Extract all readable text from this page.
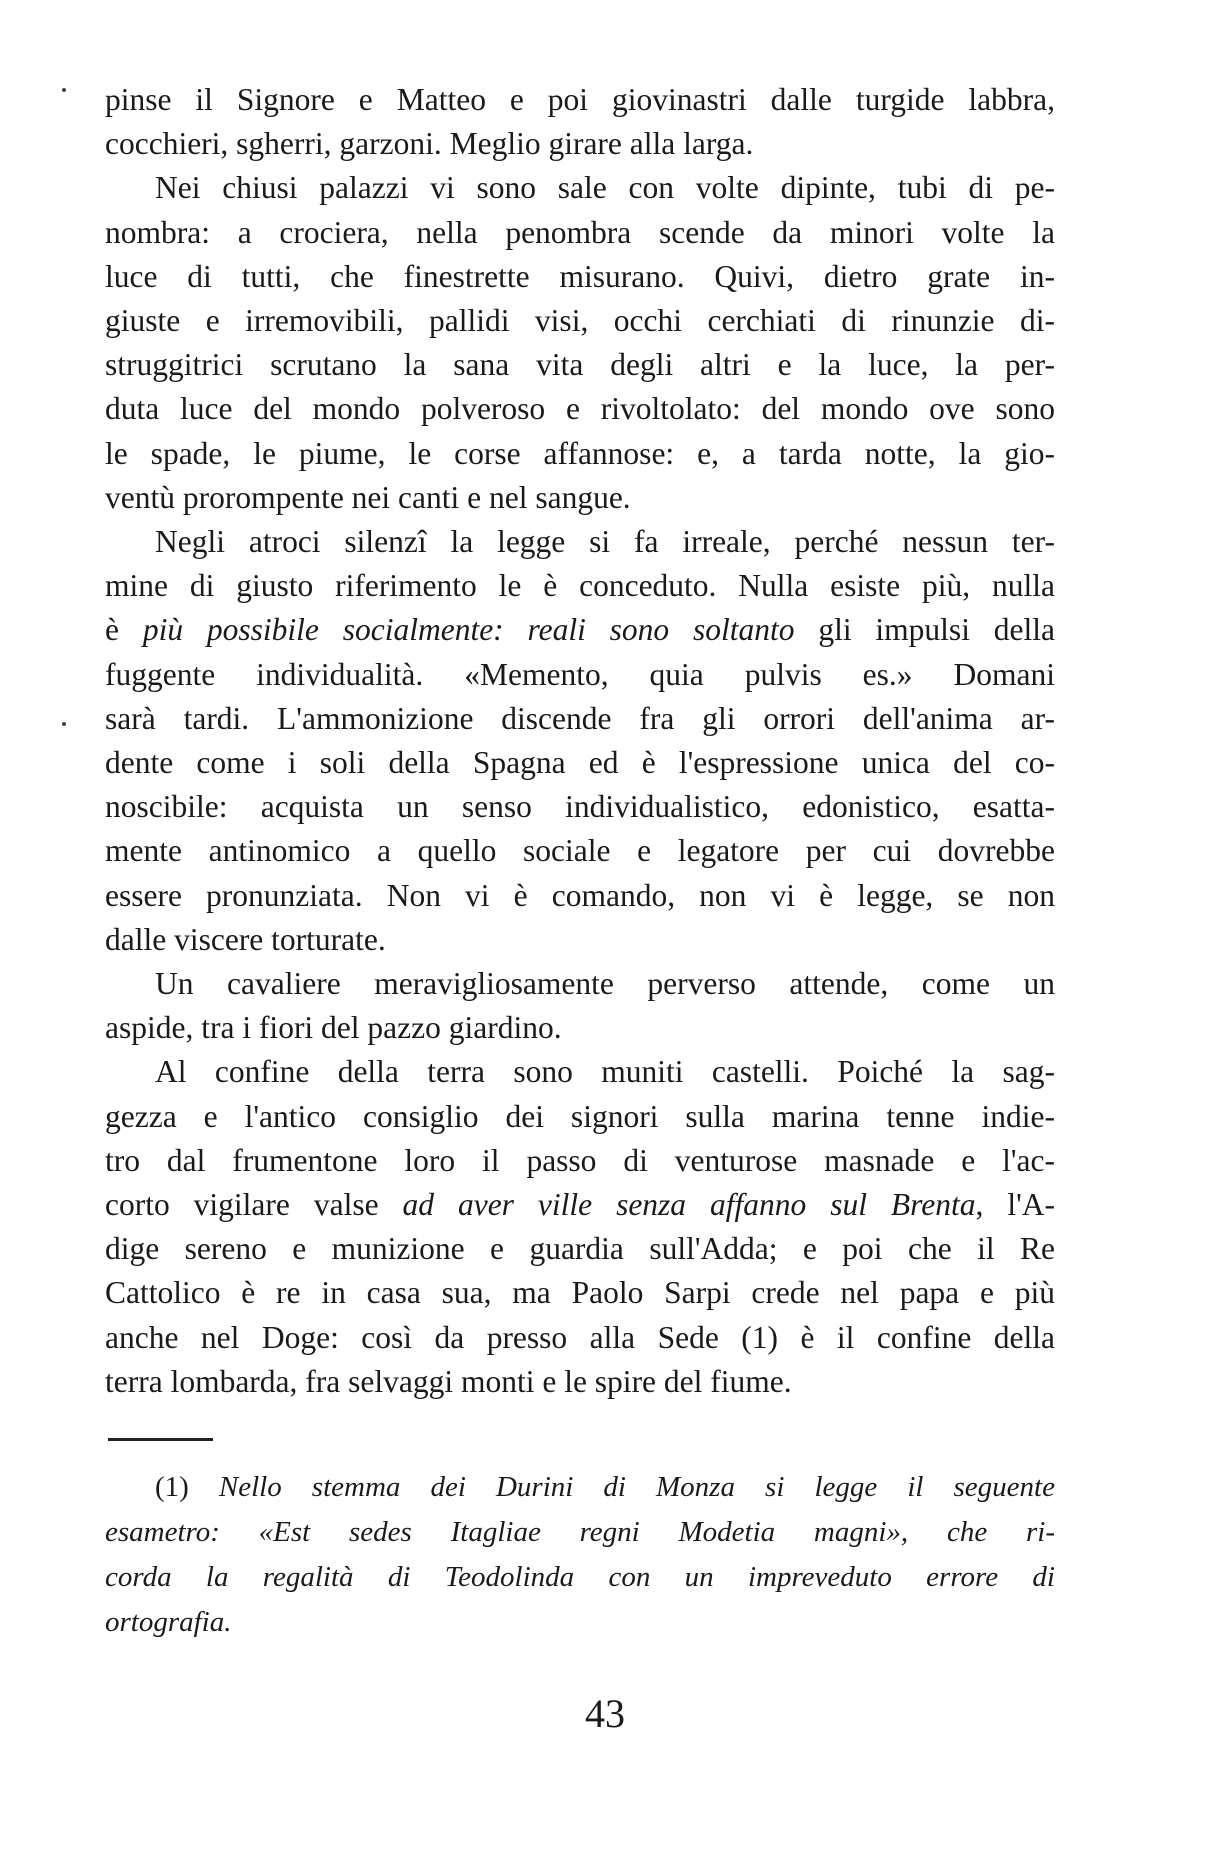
pinse il Signore e Matteo e poi giovinastri dalle turgide labbra,
cocchieri, sgherri, garzoni. Meglio girare alla larga.
Nei chiusi palazzi vi sono sale con volte dipinte, tubi di pe-
nombra: a crociera, nella penombra scende da minori volte la
luce di tutti, che finestrette misurano. Quivi, dietro grate in-
giuste e irremovibili, pallidi visi, occhi cerchiati di rinunzie di-
struggitrici scrutano la sana vita degli altri e la luce, la per-
duta luce del mondo polveroso e rivoltolato: del mondo ove sono
le spade, le piume, le corse affannose: e, a tarda notte, la gio-
ventù prorompente nei canti e nel sangue.
Negli atroci silenzî la legge si fa irreale, perché nessun ter-
mine di giusto riferimento le è conceduto. Nulla esiste più, nulla
è più possibile socialmente: reali sono soltanto gli impulsi della
fuggente individualità. «Memento, quia pulvis es.» Domani
sarà tardi. L'ammonizione discende fra gli orrori dell'anima ar-
dente come i soli della Spagna ed è l'espressione unica del co-
noscibile: acquista un senso individualistico, edonistico, esatta-
mente antinomico a quello sociale e legatore per cui dovrebbe
essere pronunziata. Non vi è comando, non vi è legge, se non
dalle viscere torturate.
Un cavaliere meravigliosamente perverso attende, come un
aspide, tra i fiori del pazzo giardino.
Al confine della terra sono muniti castelli. Poiché la sag-
gezza e l'antico consiglio dei signori sulla marina tenne indie-
tro dal frumentone loro il passo di venturose masnade e l'ac-
corto vigilare valse ad aver ville senza affanno sul Brenta, l'A-
dige sereno e munizione e guardia sull'Adda; e poi che il Re
Cattolico è re in casa sua, ma Paolo Sarpi crede nel papa e più
anche nel Doge: così da presso alla Sede (1) è il confine della
terra lombarda, fra selvaggi monti e le spire del fiume.
(1) Nello stemma dei Durini di Monza si legge il seguente
esametro: «Est sedes Itagliae regni Modetia magni», che ri-
corda la regalità di Teodolinda con un impreveduto errore di
ortografia.
43
